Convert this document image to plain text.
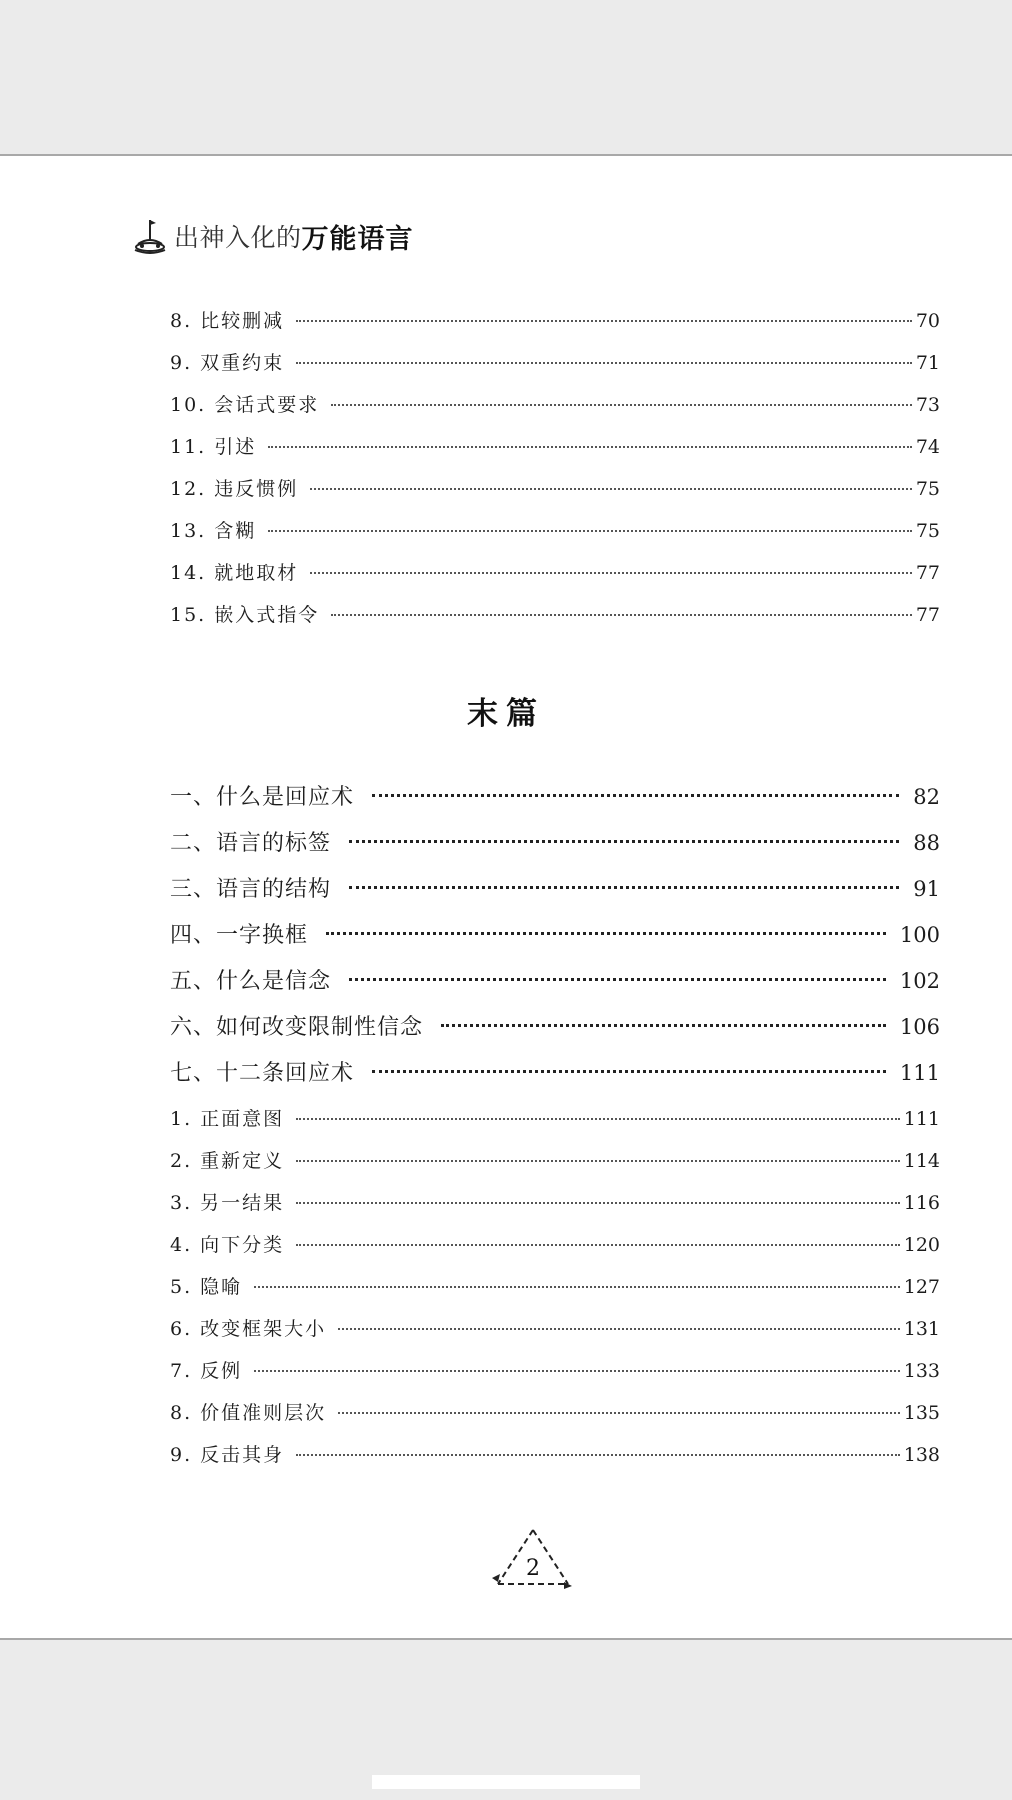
出神入化的 万能语言
8. 比较删减	70
9. 双重约束	71
10. 会话式要求	73
11. 引述	74
12. 违反惯例	75
13. 含糊	75
14. 就地取材	77
15. 嵌入式指令	77
末篇
一、什么是回应术	82
二、语言的标签	88
三、语言的结构	91
四、一字换框	100
五、什么是信念	102
六、如何改变限制性信念	106
七、十二条回应术	111
1. 正面意图	111
2. 重新定义	114
3. 另一结果	116
4. 向下分类	120
5. 隐喻	127
6. 改变框架大小	131
7. 反例	133
8. 价值准则层次	135
9. 反击其身	138
2
